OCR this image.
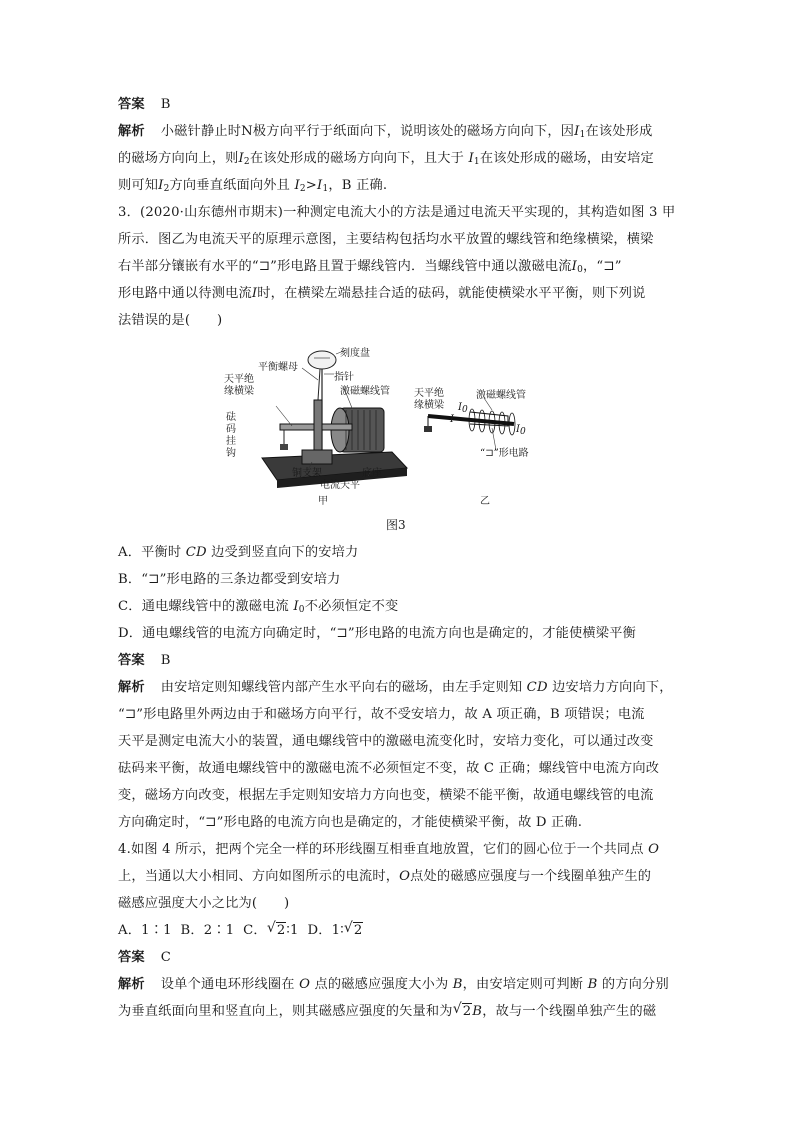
答案 B
解析 小磁针静止时N极方向平行于纸面向下，说明该处的磁场方向向下，因$I_1$在该处形成
的磁场方向向上，则$I_2$在该处形成的磁场方向向下，且大于 $I_1$在该处形成的磁场，由安培定
则可知$I_2$方向垂直纸面向外且 $I_2>I_1$，B 正确.
3．(2020·山东德州市期末)一种测定电流大小的方法是通过电流天平实现的，其构造如图 3 甲
所示．图乙为电流天平的原理示意图，主要结构包括均水平放置的螺线管和绝缘横梁，横梁
右半部分镶嵌有水平的“⊐”形电路且置于螺线管内．当螺线管中通以激磁电流$I_0$，“⊐”
形电路中通以待测电流I时，在横梁左端悬挂合适的砝码，就能使横梁水平平衡，则下列说
法错误的是(　　)
刻度盘
平衡螺母
指针
天平绝
缘横梁	激磁螺线管
砝
码
挂
钩
铜支架	底座
电流天平
甲
天平绝
缘横梁
激磁螺线管
$I_0$
I
$I_0$
“⊐”形电路
乙
图3
A．平衡时 CD 边受到竖直向下的安培力
B．“⊐”形电路的三条边都受到安培力
C．通电螺线管中的激磁电流 $I_0$不必须恒定不变
D．通电螺线管的电流方向确定时，“⊐”形电路的电流方向也是确定的，才能使横梁平衡
答案 B
解析 由安培定则知螺线管内部产生水平向右的磁场，由左手定则知 CD 边安培力方向向下，
“⊐”形电路里外两边由于和磁场方向平行，故不受安培力，故 A 项正确，B 项错误；电流
天平是测定电流大小的装置，通电螺线管中的激磁电流变化时，安培力变化，可以通过改变
砝码来平衡，故通电螺线管中的激磁电流不必须恒定不变，故 C 正确；螺线管中电流方向改
变，磁场方向改变，根据左手定则知安培力方向也变，横梁不能平衡，故通电螺线管的电流
方向确定时，“⊐”形电路的电流方向也是确定的，才能使横梁平衡，故 D 正确.
4.如图 4 所示，把两个完全一样的环形线圈互相垂直地放置，它们的圆心位于一个共同点 O
上，当通以大小相同、方向如图所示的电流时，O点处的磁感应强度与一个线圈单独产生的
磁感应强度大小之比为(　　)
A．1∶1 B．2∶1 C． √ 2∶1 D．1∶ √ 2
答案 C
解析 设单个通电环形线圈在 O 点的磁感应强度大小为 B，由安培定则可判断 B 的方向分别
为垂直纸面向里和竖直向上，则其磁感应强度的矢量和为 √ 2B，故与一个线圈单独产生的磁
